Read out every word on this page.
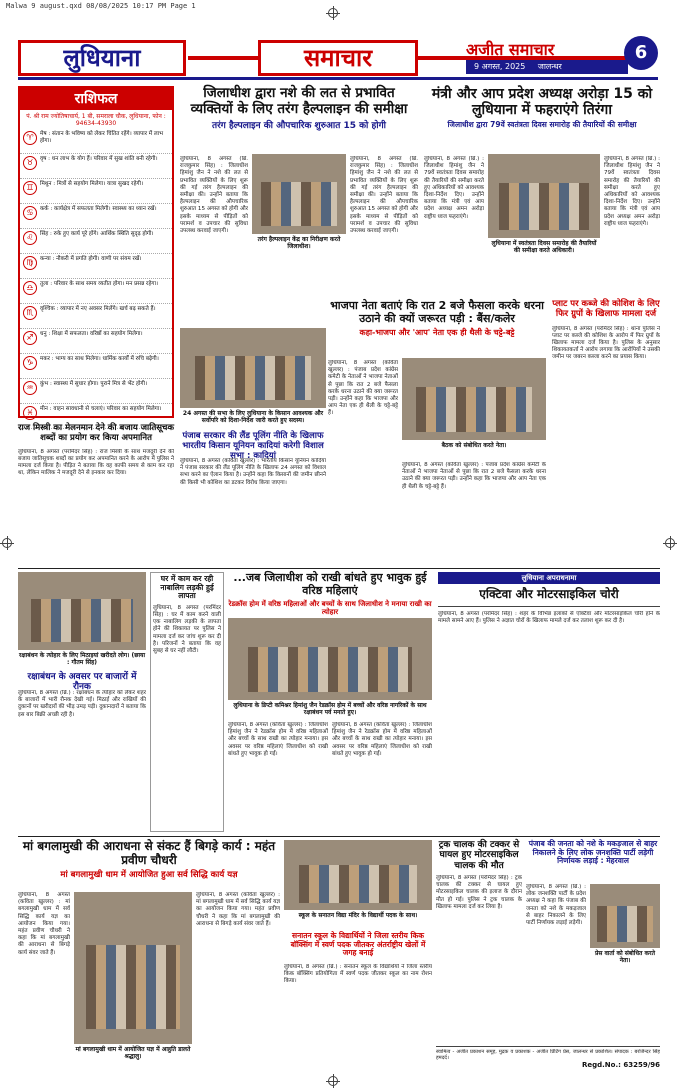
Malwa 9 august.qxd 08/08/2025 10:17 PM Page 1
लुधियाना	समाचार	अजीत समाचार
9 अगस्त, 2025 जालन्धर
6
राशिफल
पं. श्री राम ज्योतिषाचार्य, 1 बी, समराला चौक, लुधियाना, फोन : 94634-43930
♈	मेष : संतान के भविष्य को लेकर चिंतित रहेंगे। व्यापार में लाभ होगा।
♉	वृष : धन लाभ के योग हैं। परिवार में सुख शांति बनी रहेगी।
♊	मिथुन : मित्रों से सहयोग मिलेगा। यात्रा सुखद रहेगी।
♋	कर्क : कार्यक्षेत्र में सफलता मिलेगी। स्वास्थ्य का ध्यान रखें।
♌	सिंह : रुके हुए कार्य पूरे होंगे। आर्थिक स्थिति सुदृढ़ होगी।
♍	कन्या : नौकरी में प्रगति होगी। वाणी पर संयम रखें।
♎	तुला : परिवार के साथ समय व्यतीत होगा। मन प्रसन्न रहेगा।
♏	वृश्चिक : व्यापार में नए अवसर मिलेंगे। खर्च बढ़ सकते हैं।
♐	धनु : शिक्षा में सफलता। वरिष्ठों का सहयोग मिलेगा।
♑	मकर : भाग्य का साथ मिलेगा। धार्मिक कार्यों में रुचि बढ़ेगी।
♒	कुंभ : स्वास्थ्य में सुधार होगा। पुराने मित्र से भेंट होगी।
♓	मीन : वाहन सावधानी से चलाएं। परिवार का सहयोग मिलेगा।
जिलाधीश द्वारा नशे की लत से प्रभावित व्यक्तियों के लिए तरंग हैल्पलाइन की समीक्षा
तरंग हैल्पलाइन की औपचारिक शुरुआत 15 को होगी
लुधियाना, 8 अगस्त (ब्रि. राजकुमार सिंह) : जिलाधीश हिमांशु जैन ने नशे की लत से प्रभावित व्यक्तियों के लिए शुरू की गई तरंग हैल्पलाइन की समीक्षा की। उन्होंने बताया कि हैल्पलाइन की औपचारिक शुरुआत 15 अगस्त को होगी और इसके माध्यम से पीड़ितों को परामर्श व उपचार की सुविधा उपलब्ध करवाई जाएगी।
तरंग हैल्पलाइन केंद्र का निरीक्षण करते जिलाधीश।
लुधियाना, 8 अगस्त (ब्रि. राजकुमार सिंह) : जिलाधीश हिमांशु जैन ने नशे की लत से प्रभावित व्यक्तियों के लिए शुरू की गई तरंग हैल्पलाइन की समीक्षा की। उन्होंने बताया कि हैल्पलाइन की औपचारिक शुरुआत 15 अगस्त को होगी और इसके माध्यम से पीड़ितों को परामर्श व उपचार की सुविधा उपलब्ध करवाई जाएगी।
मंत्री और आप प्रदेश अध्यक्ष अरोड़ा 15 को लुधियाना में फहराएंगे तिरंगा
जिलाधीश द्वारा 79वें स्वतंत्रता दिवस समारोह की तैयारियों की समीक्षा
लुधियाना, 8 अगस्त (ब्रि.) : जिलाधीश हिमांशु जैन ने 79वें स्वतंत्रता दिवस समारोह की तैयारियों की समीक्षा करते हुए अधिकारियों को आवश्यक दिशा-निर्देश दिए। उन्होंने बताया कि मंत्री एवं आप प्रदेश अध्यक्ष अमन अरोड़ा राष्ट्रीय ध्वज फहराएंगे।
लुधियाना में स्वतंत्रता दिवस समारोह की तैयारियों की समीक्षा करते अधिकारी।
लुधियाना, 8 अगस्त (ब्रि.) : जिलाधीश हिमांशु जैन ने 79वें स्वतंत्रता दिवस समारोह की तैयारियों की समीक्षा करते हुए अधिकारियों को आवश्यक दिशा-निर्देश दिए। उन्होंने बताया कि मंत्री एवं आप प्रदेश अध्यक्ष अमन अरोड़ा राष्ट्रीय ध्वज फहराएंगे।
भाजपा नेता बताएं कि रात 2 बजे फैसला करके धरना उठाने की क्यों जरूरत पड़ी : बैंस/कलेर
कहा-भाजपा और 'आप' नेता एक ही थैली के चट्टे-बट्टे
लुधियाना, 8 अगस्त (कविता खुल्लर) : पंजाब प्रदेश कांग्रेस कमेटी के नेताओं ने भाजपा नेताओं से पूछा कि रात 2 बजे फैसला करके धरना उठाने की क्या जरूरत पड़ी। उन्होंने कहा कि भाजपा और आप नेता एक ही थैली के चट्टे-बट्टे हैं।
बैठक को संबोधित करते नेता।
लुधियाना, 8 अगस्त (कविता खुल्लर) : पंजाब प्रदेश कांग्रेस कमेटी के नेताओं ने भाजपा नेताओं से पूछा कि रात 2 बजे फैसला करके धरना उठाने की क्या जरूरत पड़ी। उन्होंने कहा कि भाजपा और आप नेता एक ही थैली के चट्टे-बट्टे हैं।
प्लाट पर कब्जे की कोशिश के लिए फिर ग्रुपों के खिलाफ मामला दर्ज
लुधियाना, 8 अगस्त (परमिंदर सिंह) : थाना पुलिस ने प्लाट पर कब्जे की कोशिश के आरोप में फिर ग्रुपों के खिलाफ मामला दर्ज किया है। पुलिस के अनुसार शिकायतकर्ता ने आरोप लगाया कि आरोपियों ने उसकी जमीन पर जबरन कब्जा करने का प्रयास किया।
24 अगस्त की सभा के लिए लुधियाना के किसान आवश्यक और सर्वोपरि को दिशा-निर्देश जारी करते हुए सदस्य।
पंजाब सरकार की लैंड पूलिंग नीति के खिलाफ भारतीय किसान यूनियन कादियां करेगी विशाल सभा : कादियां
लुधियाना, 8 अगस्त (कविता खुल्लर) : भारतीय किसान यूनियन कादियां ने पंजाब सरकार की लैंड पूलिंग नीति के खिलाफ 24 अगस्त को विशाल सभा करने का ऐलान किया है। उन्होंने कहा कि किसानों की जमीन छीनने की किसी भी कोशिश का डटकर विरोध किया जाएगा।
राज मिस्त्री का मेलनमान देने की बजाय जातिसूचक शब्दों का प्रयोग कर किया अपमानित
लुधियाना, 8 अगस्त (परमिंदर सिंह) : राज मिस्त्री के साथ मजदूरी देने की बजाय जातिसूचक शब्दों का प्रयोग कर अपमानित करने के आरोप में पुलिस ने मामला दर्ज किया है। पीड़ित ने बताया कि वह काफी समय से काम कर रहा था, लेकिन मालिक ने मजदूरी देने से इनकार कर दिया।
रक्षाबंधन के त्योहार के लिए मिठाइयां खरीदते लोग। (छाया : गौतम सिंह)
रक्षाबंधन के अवसर पर बाजारों में रौनक
लुधियाना, 8 अगस्त (ब्रि.) : रक्षाबंधन के त्योहार को लेकर शहर के बाजारों में भारी रौनक देखी गई। मिठाई और राखियों की दुकानों पर खरीदारों की भीड़ उमड़ पड़ी। दुकानदारों ने बताया कि इस बार बिक्री अच्छी रही है।
घर में काम कर रही नाबालिग लड़की हुई लापता
लुधियाना, 8 अगस्त (परमिंदर सिंह) : घर में काम करने वाली एक नाबालिग लड़की के लापता होने की शिकायत पर पुलिस ने मामला दर्ज कर जांच शुरू कर दी है। परिजनों ने बताया कि वह सुबह से घर नहीं लौटी।
...जब जिलाधीश को राखी बांधते हुए भावुक हुई वरिष्ठ महिलाएं
रेडक्रॉस होम में वरिष्ठ महिलाओं और बच्चों के साथ जिलाधीश ने मनाया राखी का त्योहार
लुधियाना के डिप्टी कमिश्नर हिमांशु जैन रेडक्रॉस होम में बच्चों और वरिष्ठ नागरिकों के साथ रक्षाबंधन पर्व मनाते हुए।
लुधियाना, 8 अगस्त (कविता खुल्लर) : जिलाधीश हिमांशु जैन ने रेडक्रॉस होम में वरिष्ठ महिलाओं और बच्चों के साथ राखी का त्योहार मनाया। इस अवसर पर वरिष्ठ महिलाएं जिलाधीश को राखी बांधते हुए भावुक हो गईं।
लुधियाना, 8 अगस्त (कविता खुल्लर) : जिलाधीश हिमांशु जैन ने रेडक्रॉस होम में वरिष्ठ महिलाओं और बच्चों के साथ राखी का त्योहार मनाया। इस अवसर पर वरिष्ठ महिलाएं जिलाधीश को राखी बांधते हुए भावुक हो गईं।
लुधियाना अपराधनामा
एक्टिवा और मोटरसाइकिल चोरी
लुधियाना, 8 अगस्त (परमिंदर सिंह) : शहर के विभिन्न इलाकों से एक्टिवा और मोटरसाइकिल चोरी होने के मामले सामने आए हैं। पुलिस ने अज्ञात चोरों के खिलाफ मामले दर्ज कर तलाश शुरू कर दी है।
मां बगलामुखी की आराधना से संकट हैं बिगड़े कार्य : महंत प्रवीण चौधरी
मां बगलामुखी धाम में आयोजित हुआ सर्व सिद्धि कार्य यज्ञ
लुधियाना, 8 अगस्त (कविता खुल्लर) : मां बगलामुखी धाम में सर्व सिद्धि कार्य यज्ञ का आयोजन किया गया। महंत प्रवीण चौधरी ने कहा कि मां बगलामुखी की आराधना से बिगड़े कार्य संवर जाते हैं।
मां बगलामुखी धाम में आयोजित यज्ञ में आहुति डालते श्रद्धालु।
लुधियाना, 8 अगस्त (कविता खुल्लर) : मां बगलामुखी धाम में सर्व सिद्धि कार्य यज्ञ का आयोजन किया गया। महंत प्रवीण चौधरी ने कहा कि मां बगलामुखी की आराधना से बिगड़े कार्य संवर जाते हैं।
स्कूल के सनातन विद्या मंदिर के विद्यार्थी पदक के साथ।
सनातन स्कूल के विद्यार्थियों ने जिला स्तरीय किक बॉक्सिंग में स्वर्ण पदक जीतकर अंतर्राष्ट्रीय खेलों में जगह बनाई
लुधियाना, 8 अगस्त (ब्रि.) : सनातन स्कूल के विद्यार्थियों ने जिला स्तरीय किक बॉक्सिंग प्रतियोगिता में स्वर्ण पदक जीतकर स्कूल का नाम रोशन किया।
ट्रक चालक की टक्कर से घायल हुए मोटरसाइकिल चालक की मौत
लुधियाना, 8 अगस्त (परमिंदर सिंह) : ट्रक चालक की टक्कर से घायल हुए मोटरसाइकिल चालक की इलाज के दौरान मौत हो गई। पुलिस ने ट्रक चालक के खिलाफ मामला दर्ज कर लिया है।
पंजाब की जनता को नशे के मकड़जाल से बाहर निकालने के लिए लोक जनशक्ति पार्टी लड़ेगी निर्णायक लड़ाई : मेहरवाल
प्रेस वार्ता को संबोधित करते नेता।
लुधियाना, 8 अगस्त (ब्रि.) : लोक जनशक्ति पार्टी के प्रदेश अध्यक्ष ने कहा कि पंजाब की जनता को नशे के मकड़जाल से बाहर निकालने के लिए पार्टी निर्णायक लड़ाई लड़ेगी।
स्वामित्व - अजीत प्रकाशन समूह, मुद्रक व प्रकाशक - अजीत प्रिंटिंग प्रेस, जालन्धर से प्रकाशित। संपादक : बरजिन्दर सिंह हमदर्द।
Regd.No.: 63259/96
